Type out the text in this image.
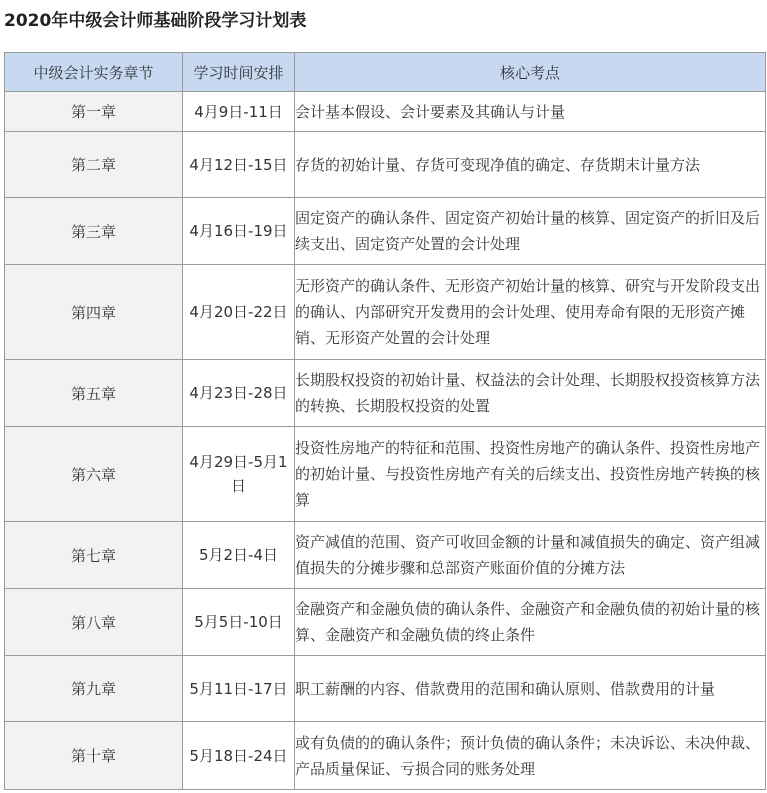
2020年中级会计师基础阶段学习计划表
中级会计实务章节	学习时间安排	核心考点
第一章	4月9日-11日	会计基本假设、会计要素及其确认与计量
第二章	4月12日-15日	存货的初始计量、存货可变现净值的确定、存货期末计量方法
第三章	4月16日-19日	固定资产的确认条件、固定资产初始计量的核算、固定资产的折旧及后续支出、固定资产处置的会计处理
第四章	4月20日-22日	无形资产的确认条件、无形资产初始计量的核算、研究与开发阶段支出的确认、内部研究开发费用的会计处理、使用寿命有限的无形资产摊销、无形资产处置的会计处理
第五章	4月23日-28日	长期股权投资的初始计量、权益法的会计处理、长期股权投资核算方法的转换、长期股权投资的处置
第六章	4月29日-5月1日	投资性房地产的特征和范围、投资性房地产的确认条件、投资性房地产的初始计量、与投资性房地产有关的后续支出、投资性房地产转换的核算
第七章	5月2日-4日	资产减值的范围、资产可收回金额的计量和减值损失的确定、资产组减值损失的分摊步骤和总部资产账面价值的分摊方法
第八章	5月5日-10日	金融资产和金融负债的确认条件、金融资产和金融负债的初始计量的核算、金融资产和金融负债的终止条件
第九章	5月11日-17日	职工薪酬的内容、借款费用的范围和确认原则、借款费用的计量
第十章	5月18日-24日	或有负债的的确认条件；预计负债的确认条件；未决诉讼、未决仲裁、产品质量保证、亏损合同的账务处理
